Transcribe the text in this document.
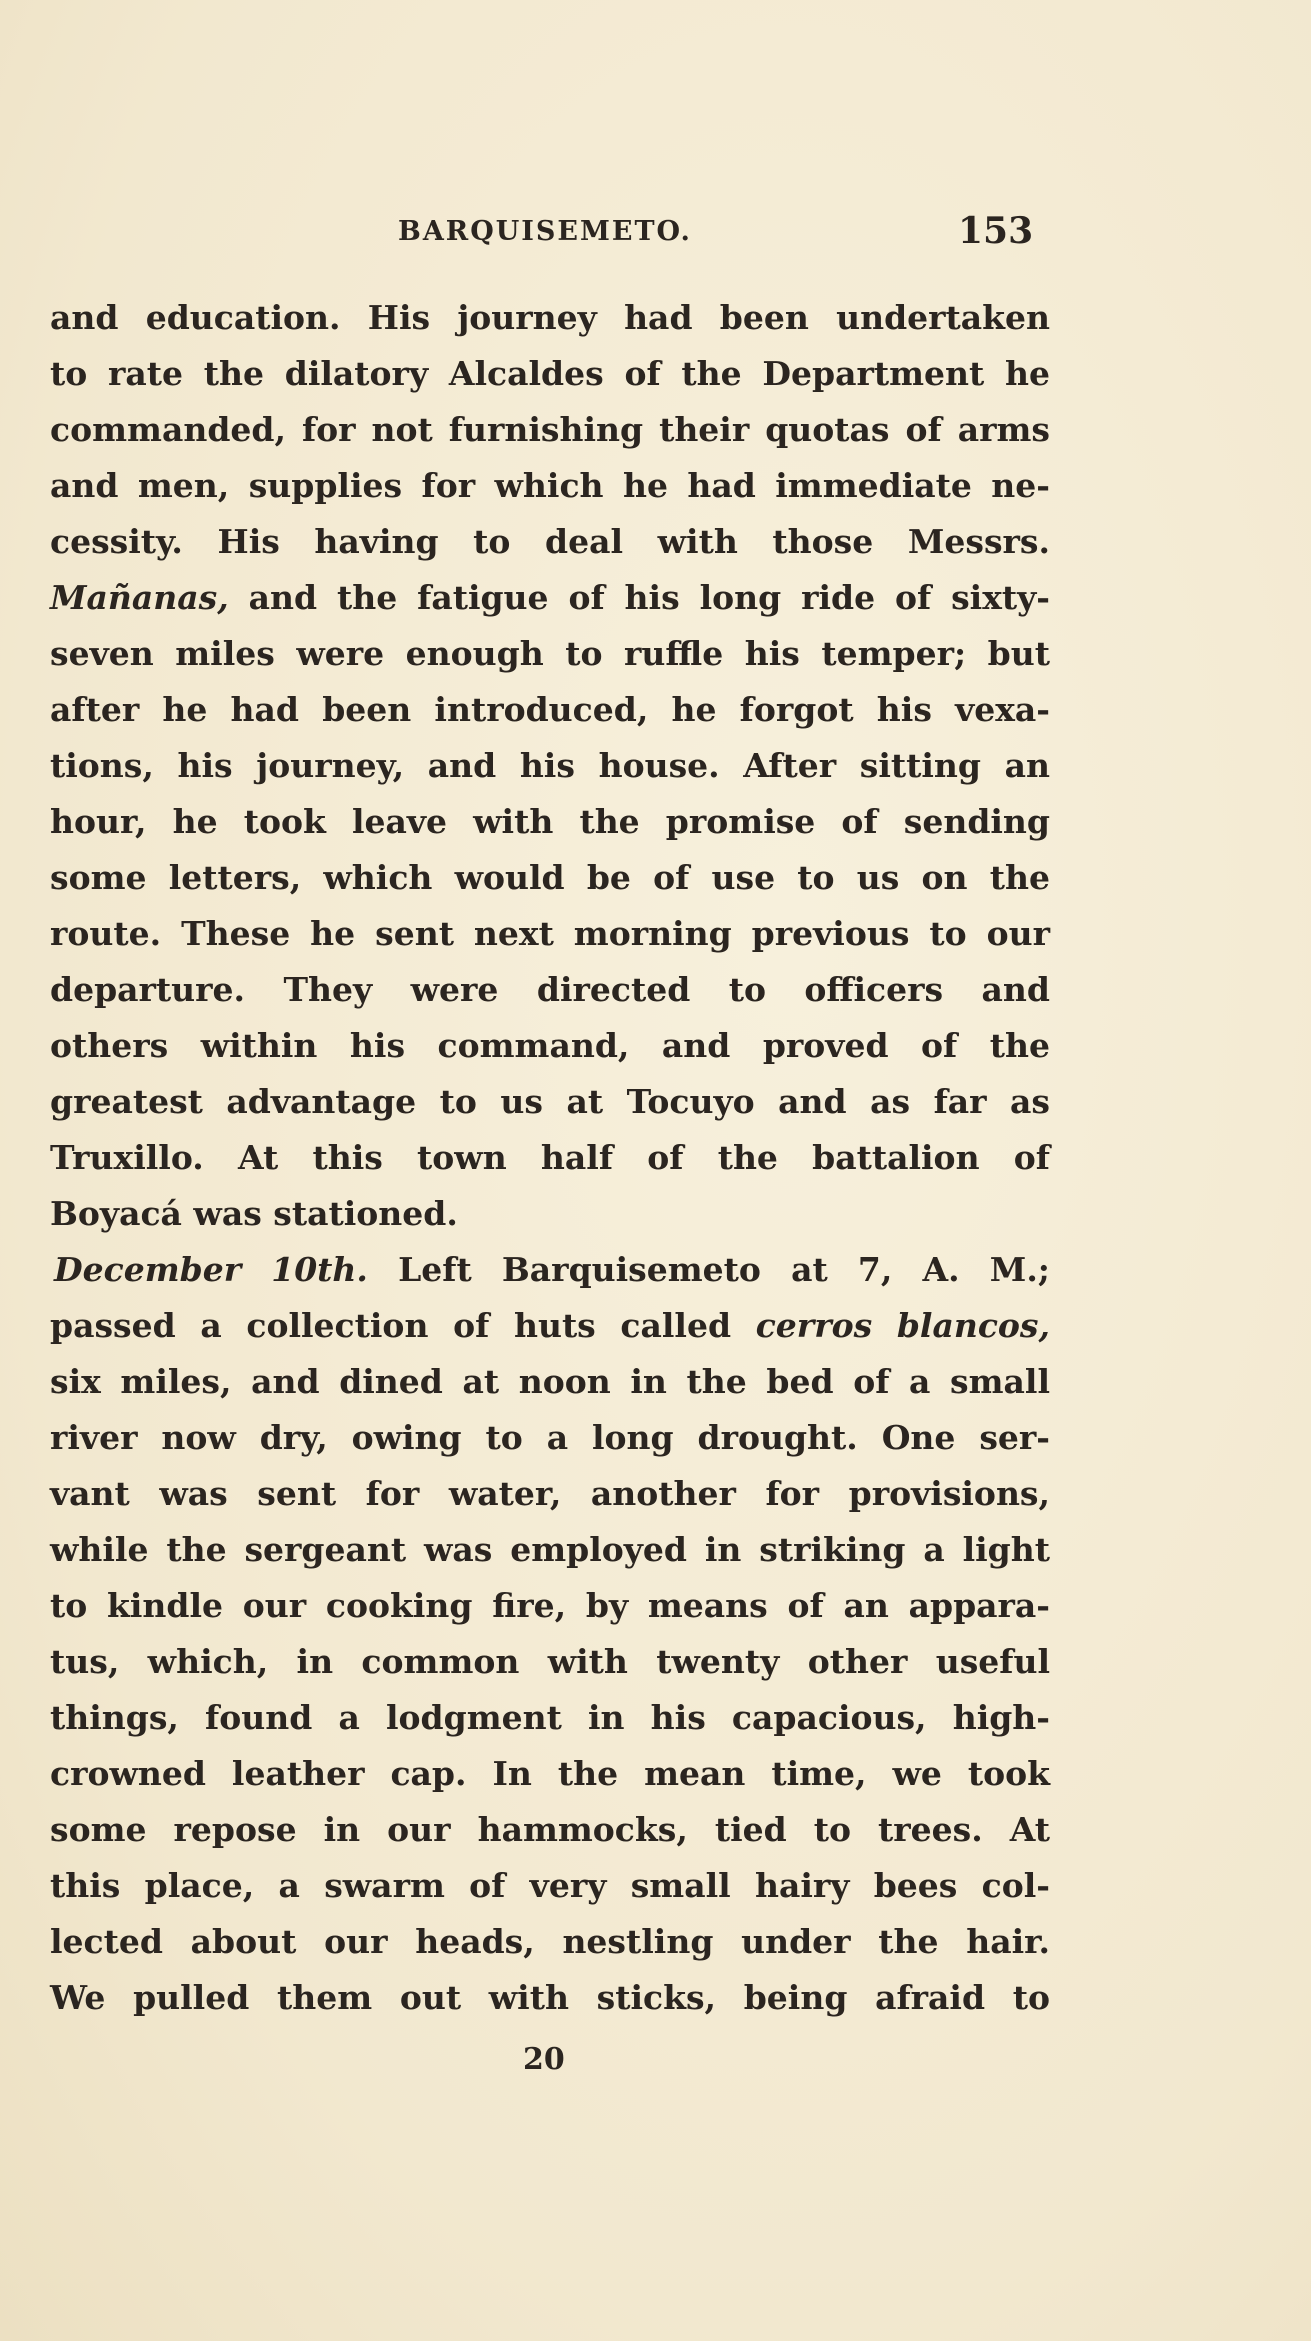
BARQUISEMETO.	153
and education. His journey had been undertaken
to rate the dilatory Alcaldes of the Department he
commanded, for not furnishing their quotas of arms
and men, supplies for which he had immediate ne-
cessity. His having to deal with those Messrs.
Mañanas, and the fatigue of his long ride of sixty-
seven miles were enough to ruffle his temper; but
after he had been introduced, he forgot his vexa-
tions, his journey, and his house. After sitting an
hour, he took leave with the promise of sending
some letters, which would be of use to us on the
route. These he sent next morning previous to our
departure. They were directed to officers and
others within his command, and proved of the
greatest advantage to us at Tocuyo and as far as
Truxillo. At this town half of the battalion of
Boyacá was stationed.
December 10th. Left Barquisemeto at 7, A. M.;
passed a collection of huts called cerros blancos,
six miles, and dined at noon in the bed of a small
river now dry, owing to a long drought. One ser-
vant was sent for water, another for provisions,
while the sergeant was employed in striking a light
to kindle our cooking fire, by means of an appara-
tus, which, in common with twenty other useful
things, found a lodgment in his capacious, high-
crowned leather cap. In the mean time, we took
some repose in our hammocks, tied to trees. At
this place, a swarm of very small hairy bees col-
lected about our heads, nestling under the hair.
We pulled them out with sticks, being afraid to
20
